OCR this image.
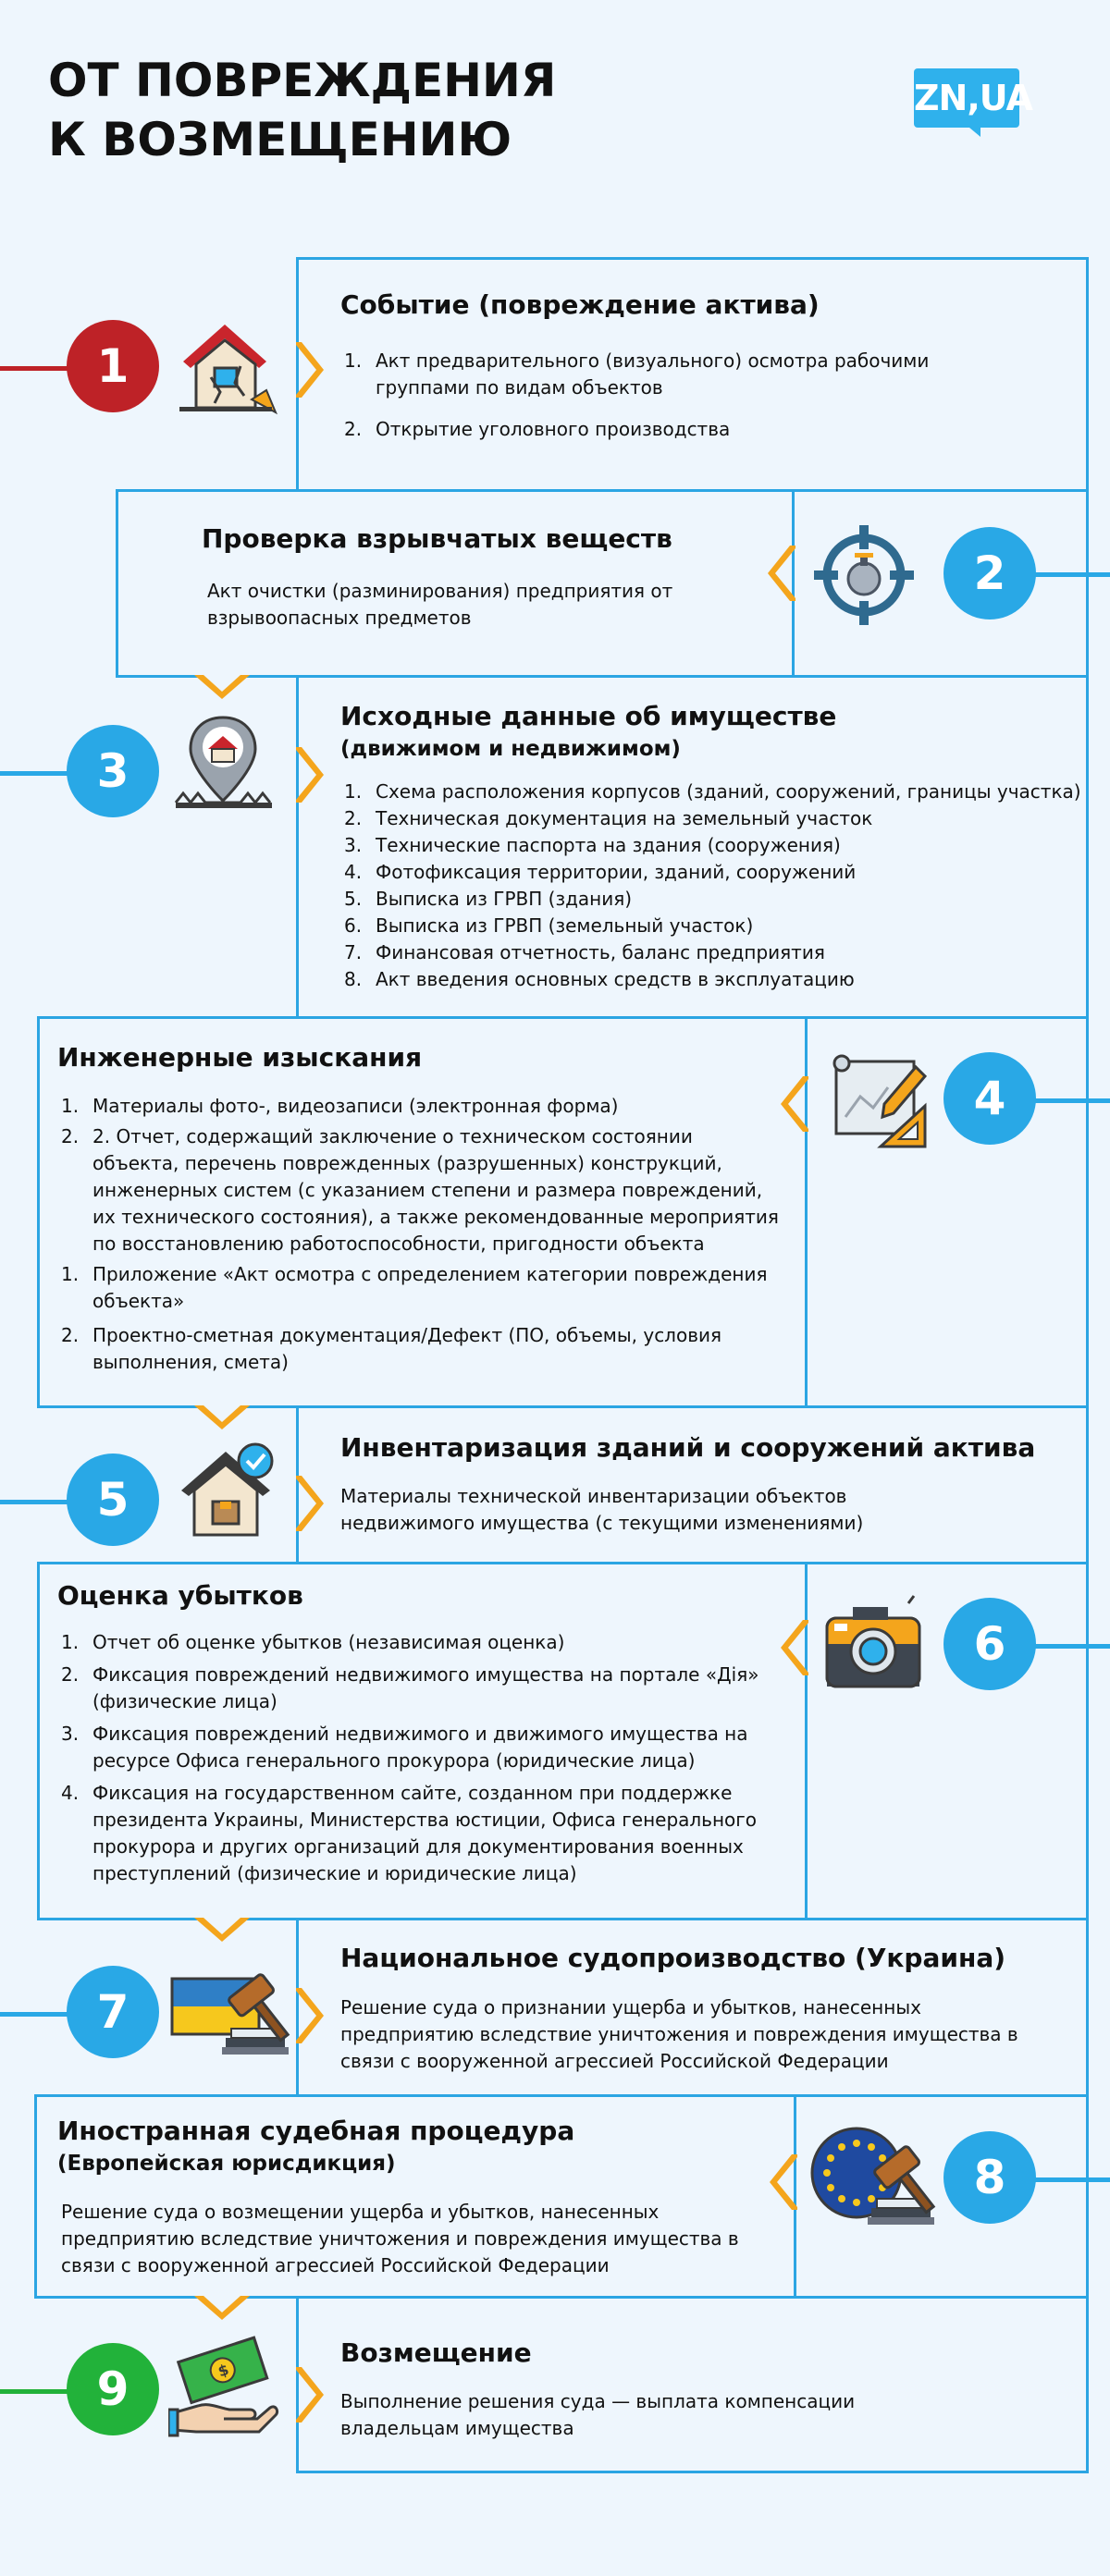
ОТ ПОВРЕЖДЕНИЯ
К ВОЗМЕЩЕНИЮ
ZN,UA
1
Событие (повреждение актива)
1. Акт предварительного (визуального) осмотра рабочими группами по видам объектов
2. Открытие уголовного производства
Проверка взрывчатых веществ
Акт очистки (разминирования) предприятия от взрывоопасных предметов
2
3
Исходные данные об имуществе
(движимом и недвижимом)
1. Схема расположения корпусов (зданий, сооружений, границы участка)
2. Техническая документация на земельный участок
3. Технические паспорта на здания (сооружения)
4. Фотофиксация территории, зданий, сооружений
5. Выписка из ГРВП (здания)
6. Выписка из ГРВП (земельный участок)
7. Финансовая отчетность, баланс предприятия
8. Акт введения основных средств в эксплуатацию
Инженерные изыскания
1. Материалы фото-, видеозаписи (электронная форма)
2. 2. Отчет, содержащий заключение о техническом состоянии объекта, перечень поврежденных (разрушенных) конструкций, инженерных систем (с указанием степени и размера повреждений, их технического состояния), а также рекомендованные мероприятия по восстановлению работоспособности, пригодности объекта
1. Приложение «Акт осмотра с определением категории повреждения объекта»
2. Проектно-сметная документация/Дефект (ПО, объемы, условия выполнения, смета)
4
5
Инвентаризация зданий и сооружений актива
Материалы технической инвентаризации объектов недвижимого имущества (с текущими изменениями)
Оценка убытков
1. Отчет об оценке убытков (независимая оценка)
2. Фиксация повреждений недвижимого имущества на портале «Дія» (физические лица)
3. Фиксация повреждений недвижимого и движимого имущества на ресурсе Офиса генерального прокурора (юридические лица)
4. Фиксация на государственном сайте, созданном при поддержке президента Украины, Министерства юстиции, Офиса генерального прокурора и других организаций для документирования военных преступлений (физические и юридические лица)
6
7
Национальное судопроизводство (Украина)
Решение суда о признании ущерба и убытков, нанесенных предприятию вследствие уничтожения и повреждения имущества в связи с вооруженной агрессией Российской Федерации
Иностранная судебная процедура
(Европейская юрисдикция)
Решение суда о возмещении ущерба и убытков, нанесенных предприятию вследствие уничтожения и повреждения имущества в связи с вооруженной агрессией Российской Федерации
8
9	$
Возмещение
Выполнение решения суда — выплата компенсации владельцам имущества
